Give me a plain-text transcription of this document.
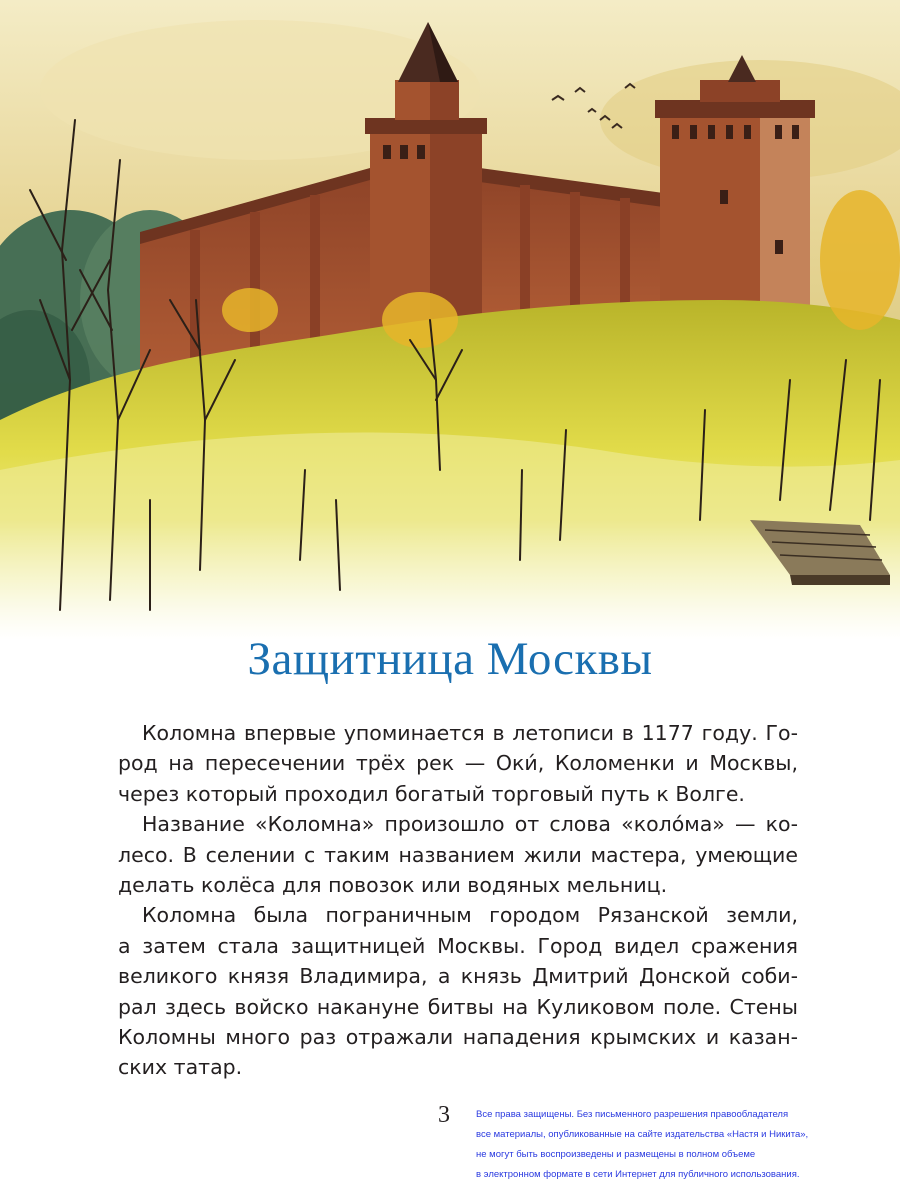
Защитница Москвы
Коломна впервые упоминается в летописи в 1177 году. Го-
род на пересечении трёх рек — Оки́, Коломенки и Москвы,
через который проходил богатый торговый путь к Волге.
Название «Коломна» произошло от слова «коло́ма» — ко-
лесо. В селении с таким названием жили мастера, умеющие
делать колёса для повозок или водяных мельниц.
Коломна была пограничным городом Рязанской земли,
а затем стала защитницей Москвы. Город видел сражения
великого князя Владимира, а князь Дмитрий Донской соби-
рал здесь войско накануне битвы на Куликовом поле. Стены
Коломны много раз отражали нападения крымских и казан-
ских татар.
3	Все права защищены. Без письменного разрешения правообладателя
все материалы, опубликованные на сайте издательства «Настя и Никита»,
не могут быть воспроизведены и размещены в полном объеме
в электронном формате в сети Интернет для публичного использования.
